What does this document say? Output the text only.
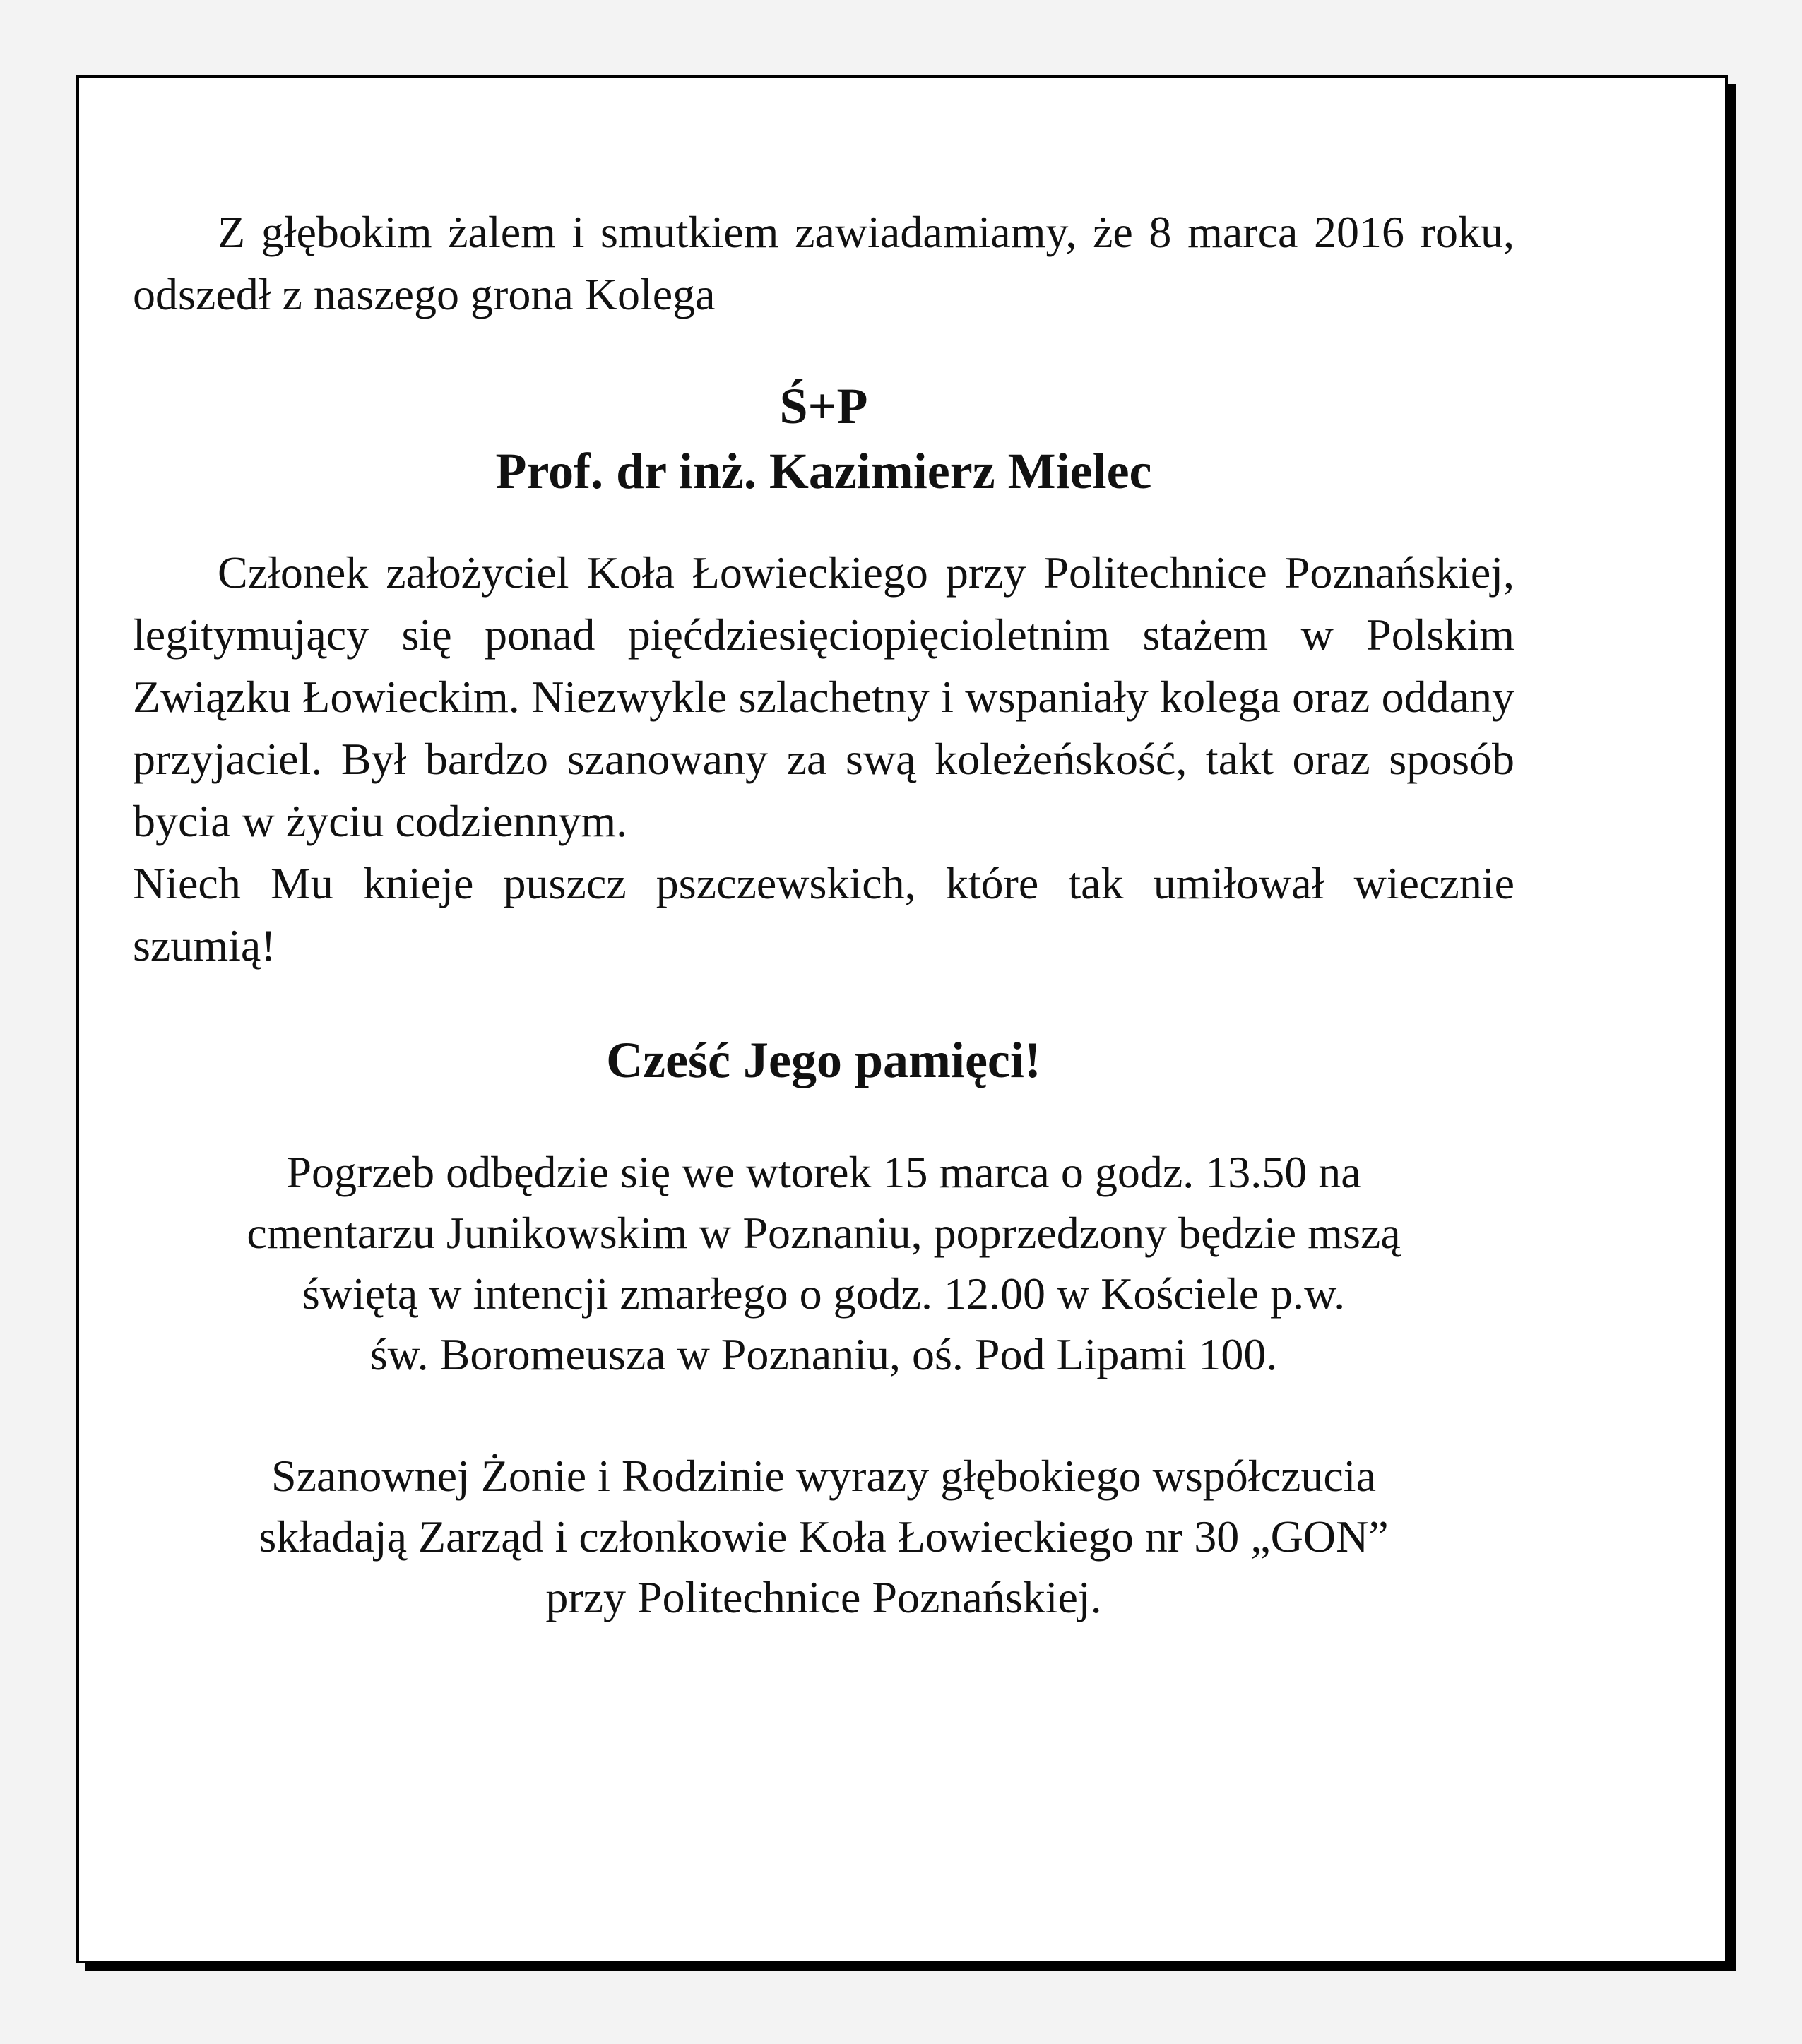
Z głębokim żalem i smutkiem zawiadamiamy, że 8 marca 2016 roku, odszedł z naszego grona Kolega

Ś+P

Prof. dr inż. Kazimierz Mielec

Członek założyciel Koła Łowieckiego przy Politechnice Poznańskiej, legitymujący się ponad pięćdziesięciopięcioletnim stażem w Polskim Związku Łowieckim. Niezwykle szlachetny i wspaniały kolega oraz oddany przyjaciel. Był bardzo szanowany za swą koleżeńskość, takt oraz sposób bycia w życiu codziennym.

Niech Mu knieje puszcz pszczewskich, które tak umiłował wiecznie szumią!

Cześć Jego pamięci!

Pogrzeb odbędzie się we wtorek 15 marca o godz. 13.50 na
cmentarzu Junikowskim w Poznaniu, poprzedzony będzie mszą
świętą w intencji zmarłego o godz. 12.00 w Kościele p.w.
św. Boromeusza w Poznaniu, oś. Pod Lipami 100.
Szanownej Żonie i Rodzinie wyrazy głębokiego współczucia
składają Zarząd i członkowie Koła Łowieckiego nr 30 „GON”
przy Politechnice Poznańskiej.
